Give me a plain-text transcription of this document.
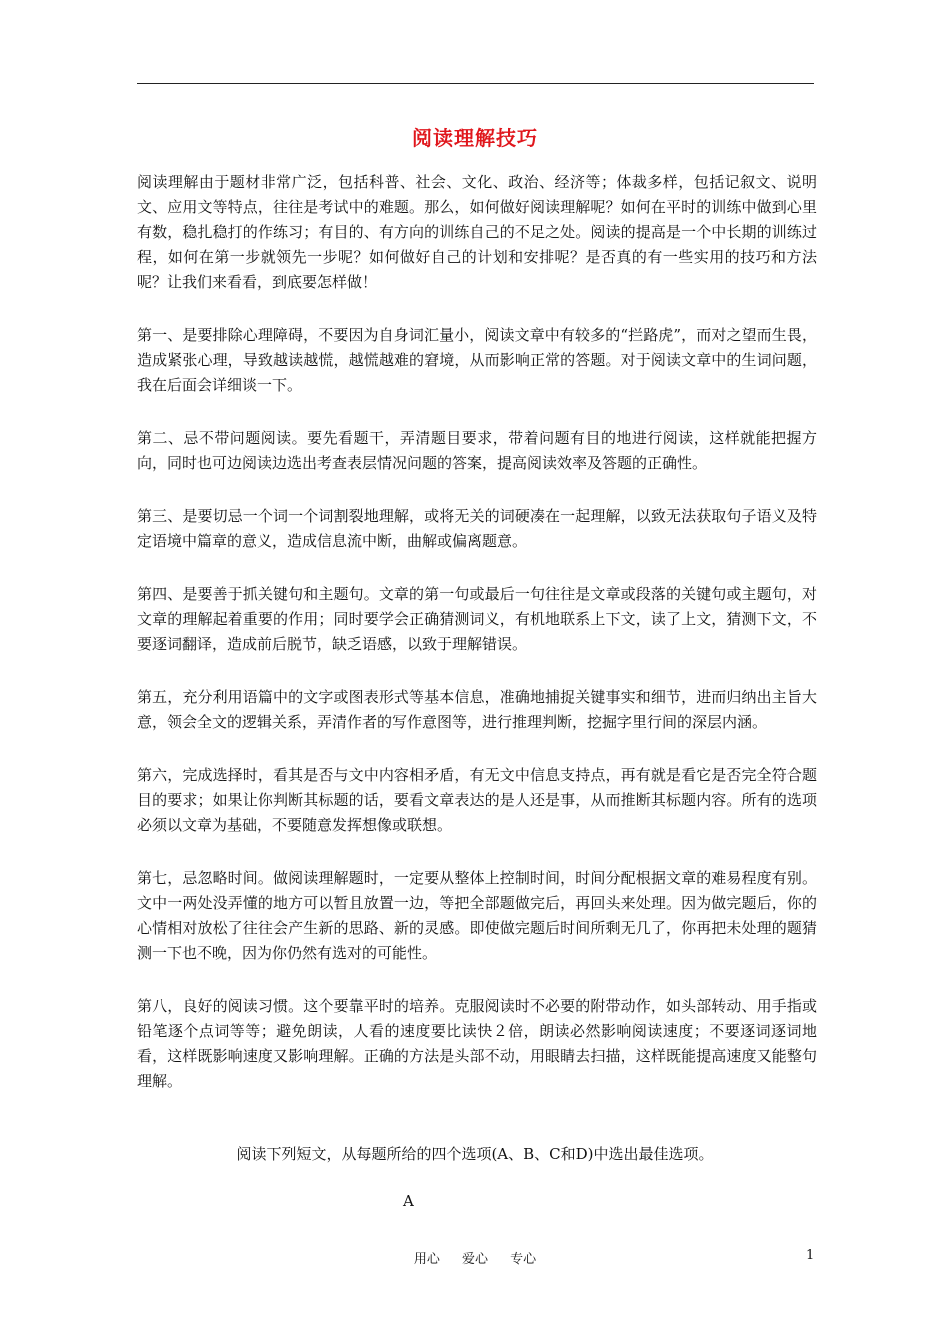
阅读理解技巧

阅读理解由于题材非常广泛，包括科普、社会、文化、政治、经济等；体裁多样，包括记叙文、说明文、应用文等特点，往往是考试中的难题。那么，如何做好阅读理解呢？如何在平时的训练中做到心里有数，稳扎稳打的作练习；有目的、有方向的训练自己的不足之处。阅读的提高是一个中长期的训练过程，如何在第一步就领先一步呢？如何做好自己的计划和安排呢？是否真的有一些实用的技巧和方法呢？让我们来看看，到底要怎样做！

第一、是要排除心理障碍，不要因为自身词汇量小，阅读文章中有较多的“拦路虎”，而对之望而生畏，造成紧张心理，导致越读越慌，越慌越难的窘境，从而影响正常的答题。对于阅读文章中的生词问题，我在后面会详细谈一下。

第二、忌不带问题阅读。要先看题干，弄清题目要求，带着问题有目的地进行阅读，这样就能把握方向，同时也可边阅读边选出考查表层情况问题的答案，提高阅读效率及答题的正确性。

第三、是要切忌一个词一个词割裂地理解，或将无关的词硬凑在一起理解，以致无法获取句子语义及特定语境中篇章的意义，造成信息流中断，曲解或偏离题意。

第四、是要善于抓关键句和主题句。文章的第一句或最后一句往往是文章或段落的关键句或主题句，对文章的理解起着重要的作用；同时要学会正确猜测词义，有机地联系上下文，读了上文，猜测下文，不要逐词翻译，造成前后脱节，缺乏语感，以致于理解错误。

第五，充分利用语篇中的文字或图表形式等基本信息，准确地捕捉关键事实和细节，进而归纳出主旨大意，领会全文的逻辑关系，弄清作者的写作意图等，进行推理判断，挖掘字里行间的深层内涵。

第六，完成选择时，看其是否与文中内容相矛盾，有无文中信息支持点，再有就是看它是否完全符合题目的要求；如果让你判断其标题的话，要看文章表达的是人还是事，从而推断其标题内容。所有的选项必须以文章为基础，不要随意发挥想像或联想。

第七，忌忽略时间。做阅读理解题时，一定要从整体上控制时间，时间分配根据文章的难易程度有别。文中一两处没弄懂的地方可以暂且放置一边，等把全部题做完后，再回头来处理。因为做完题后，你的心情相对放松了往往会产生新的思路、新的灵感。即使做完题后时间所剩无几了，你再把未处理的题猜测一下也不晚，因为你仍然有选对的可能性。

第八，良好的阅读习惯。这个要靠平时的培养。克服阅读时不必要的附带动作，如头部转动、用手指或铅笔逐个点词等等；避免朗读，人看的速度要比读快２倍，朗读必然影响阅读速度；不要逐词逐词地看，这样既影响速度又影响理解。正确的方法是头部不动，用眼睛去扫描，这样既能提高速度又能整句理解。

阅读下列短文，从每题所给的四个选项(A、B、C和D)中选出最佳选项。
A
用心 爱心 专心	1
